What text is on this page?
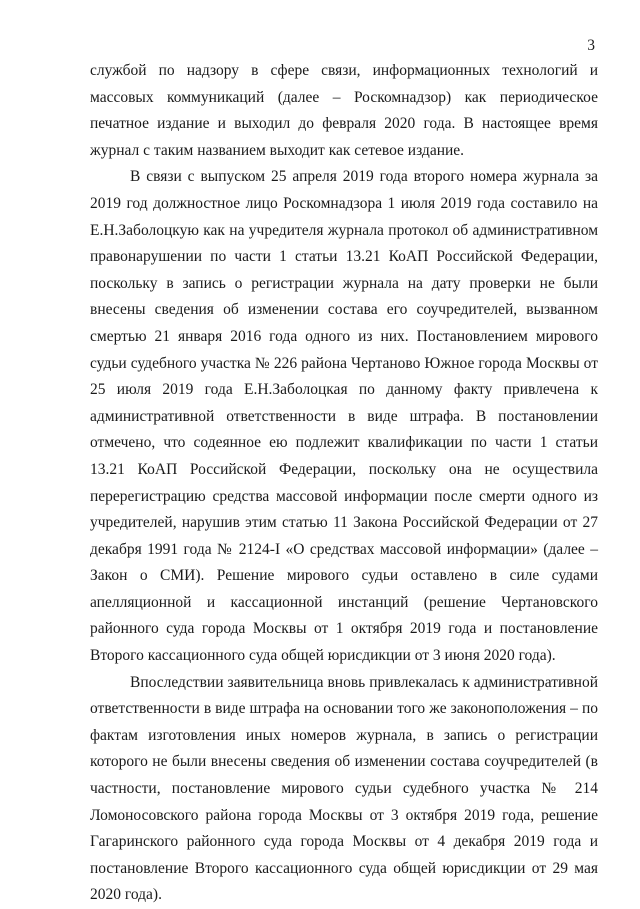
3

службой по надзору в сфере связи, информационных технологий и массовых коммуникаций (далее – Роскомнадзор) как периодическое печатное издание и выходил до февраля 2020 года. В настоящее время журнал с таким названием выходит как сетевое издание.

В связи с выпуском 25 апреля 2019 года второго номера журнала за 2019 год должностное лицо Роскомнадзора 1 июля 2019 года составило на Е.Н.Заболоцкую как на учредителя журнала протокол об административном правонарушении по части 1 статьи 13.21 КоАП Российской Федерации, поскольку в запись о регистрации журнала на дату проверки не были внесены сведения об изменении состава его соучредителей, вызванном смертью 21 января 2016 года одного из них. Постановлением мирового судьи судебного участка № 226 района Чертаново Южное города Москвы от 25 июля 2019 года Е.Н.Заболоцкая по данному факту привлечена к административной ответственности в виде штрафа. В постановлении отмечено, что содеянное ею подлежит квалификации по части 1 статьи 13.21 КоАП Российской Федерации, поскольку она не осуществила перерегистрацию средства массовой информации после смерти одного из учредителей, нарушив этим статью 11 Закона Российской Федерации от 27 декабря 1991 года № 2124-I «О средствах массовой информации» (далее – Закон о СМИ). Решение мирового судьи оставлено в силе судами апелляционной и кассационной инстанций (решение Чертановского районного суда города Москвы от 1 октября 2019 года и постановление Второго кассационного суда общей юрисдикции от 3 июня 2020 года).

Впоследствии заявительница вновь привлекалась к административной ответственности в виде штрафа на основании того же законоположения – по фактам изготовления иных номеров журнала, в запись о регистрации которого не были внесены сведения об изменении состава соучредителей (в частности, постановление мирового судьи судебного участка № 214 Ломоносовского района города Москвы от 3 октября 2019 года, решение Гагаринского районного суда города Москвы от 4 декабря 2019 года и постановление Второго кассационного суда общей юрисдикции от 29 мая 2020 года).
